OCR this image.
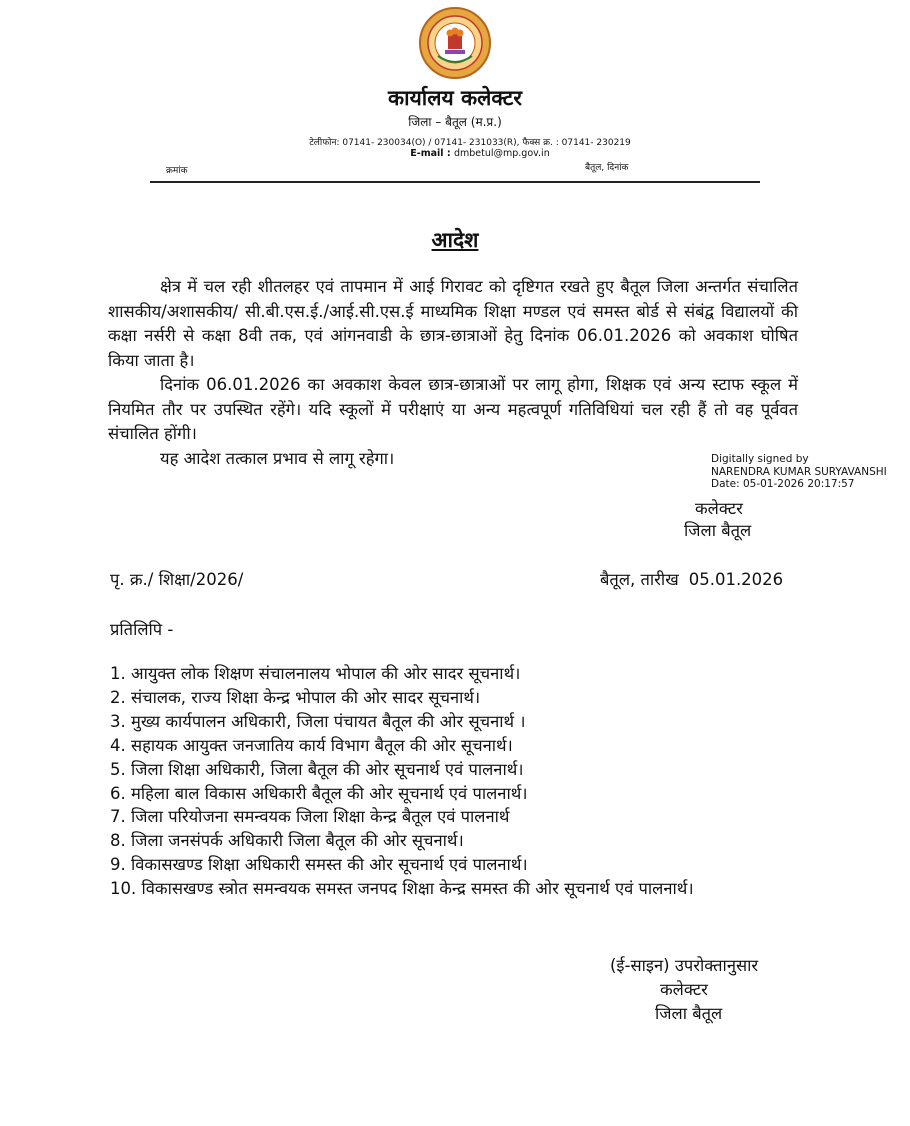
कार्यालय कलेक्टर
जिला – बैतूल (म.प्र.)
टेलीफोन: 07141- 230034(O) / 07141- 231033(R), फैक्स क्र. : 07141- 230219
E-mail : dmbetul@mp.gov.in
क्रमांक	बैतूल, दिनांक
आदेश
क्षेत्र में चल रही शीतलहर एवं तापमान में आई गिरावट को दृष्टिगत रखते हुए बैतूल जिला अन्तर्गत संचालित शासकीय/अशासकीय/ सी.बी.एस.ई./आई.सी.एस.ई माध्यमिक शिक्षा मण्डल एवं समस्त बोर्ड से संबंद्व विद्यालयों की कक्षा नर्सरी से कक्षा 8वी तक, एवं आंगनवाडी के छात्र-छात्राओं हेतु दिनांक 06.01.2026 को अवकाश घोषित किया जाता है।
दिनांक 06.01.2026 का अवकाश केवल छात्र-छात्राओं पर लागू होगा, शिक्षक एवं अन्य स्टाफ स्कूल में नियमित तौर पर उपस्थित रहेंगे। यदि स्कूलों में परीक्षाएं या अन्य महत्वपूर्ण गतिविधियां चल रही हैं तो वह पूर्ववत संचालित होंगी।
यह आदेश तत्काल प्रभाव से लागू रहेगा।	Digitally signed by
NARENDRA KUMAR SURYAVANSHI
Date: 05-01-2026 20:17:57
कलेक्टर
जिला बैतूल
पृ. क्र./ शिक्षा/2026/	बैतूल, तारीख 05.01.2026
प्रतिलिपि -
1. आयुक्त लोक शिक्षण संचालनालय भोपाल की ओर सादर सूचनार्थ।
2. संचालक, राज्य शिक्षा केन्द्र भोपाल की ओर सादर सूचनार्थ।
3. मुख्य कार्यपालन अधिकारी, जिला पंचायत बैतूल की ओर सूचनार्थ ।
4. सहायक आयुक्त जनजातिय कार्य विभाग बैतूल की ओर सूचनार्थ।
5. जिला शिक्षा अधिकारी, जिला बैतूल की ओर सूचनार्थ एवं पालनार्थ।
6. महिला बाल विकास अधिकारी बैतूल की ओर सूचनार्थ एवं पालनार्थ।
7. जिला परियोजना समन्वयक जिला शिक्षा केन्द्र बैतूल एवं पालनार्थ
8. जिला जनसंपर्क अधिकारी जिला बैतूल की ओर सूचनार्थ।
9. विकासखण्ड शिक्षा अधिकारी समस्त की ओर सूचनार्थ एवं पालनार्थ।
10. विकासखण्ड स्त्रोत समन्वयक समस्त जनपद शिक्षा केन्द्र समस्त की ओर सूचनार्थ एवं पालनार्थ।
(ई-साइन) उपरोक्तानुसार
कलेक्टर
जिला बैतूल
